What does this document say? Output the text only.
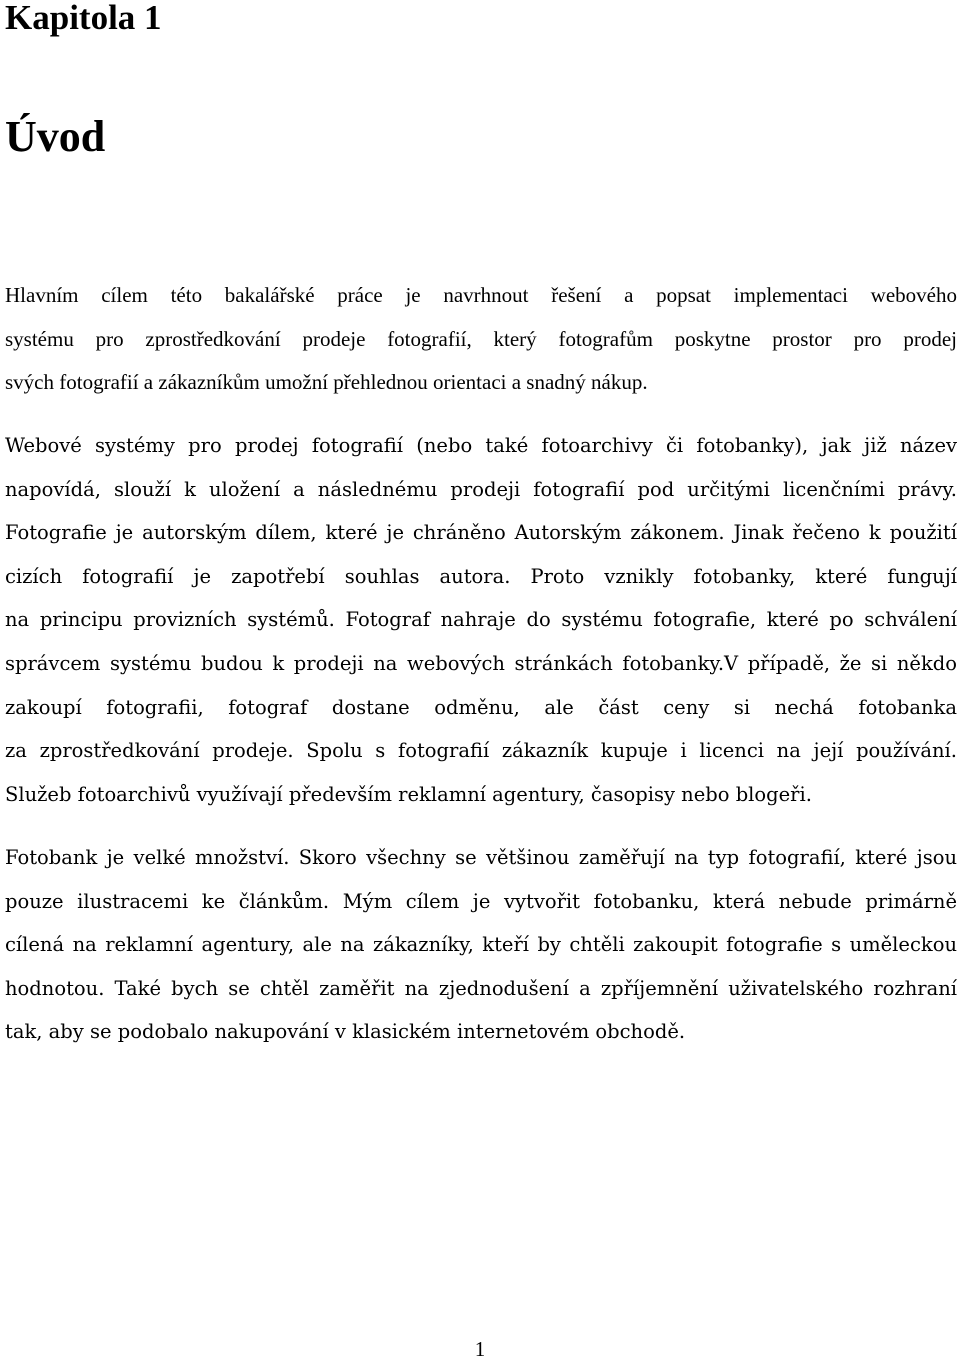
Kapitola 1
Úvod
Hlavním cílem této bakalářské práce je navrhnout řešení a popsat implementaci webového
systému pro zprostředkování prodeje fotografií, který fotografům poskytne prostor pro prodej
svých fotografií a zákazníkům umožní přehlednou orientaci a snadný nákup.
Webové systémy pro prodej fotografií (nebo také fotoarchivy či fotobanky), jak již název
napovídá, slouží k uložení a následnému prodeji fotografií pod určitými licenčními právy.
Fotografie je autorským dílem, které je chráněno Autorským zákonem. Jinak řečeno k použití
cizích fotografií je zapotřebí souhlas autora. Proto vznikly fotobanky, které fungují
na principu provizních systémů. Fotograf nahraje do systému fotografie, které po schválení
správcem systému budou k prodeji na webových stránkách fotobanky.V případě, že si někdo
zakoupí fotografii, fotograf dostane odměnu, ale část ceny si nechá fotobanka
za zprostředkování prodeje. Spolu s fotografií zákazník kupuje i licenci na její používání.
Služeb fotoarchivů využívají především reklamní agentury, časopisy nebo blogeři.
Fotobank je velké množství. Skoro všechny se většinou zaměřují na typ fotografií, které jsou
pouze ilustracemi ke článkům. Mým cílem je vytvořit fotobanku, která nebude primárně
cílená na reklamní agentury, ale na zákazníky, kteří by chtěli zakoupit fotografie s uměleckou
hodnotou. Také bych se chtěl zaměřit na zjednodušení a zpříjemnění uživatelského rozhraní
tak, aby se podobalo nakupování v klasickém internetovém obchodě.

1
